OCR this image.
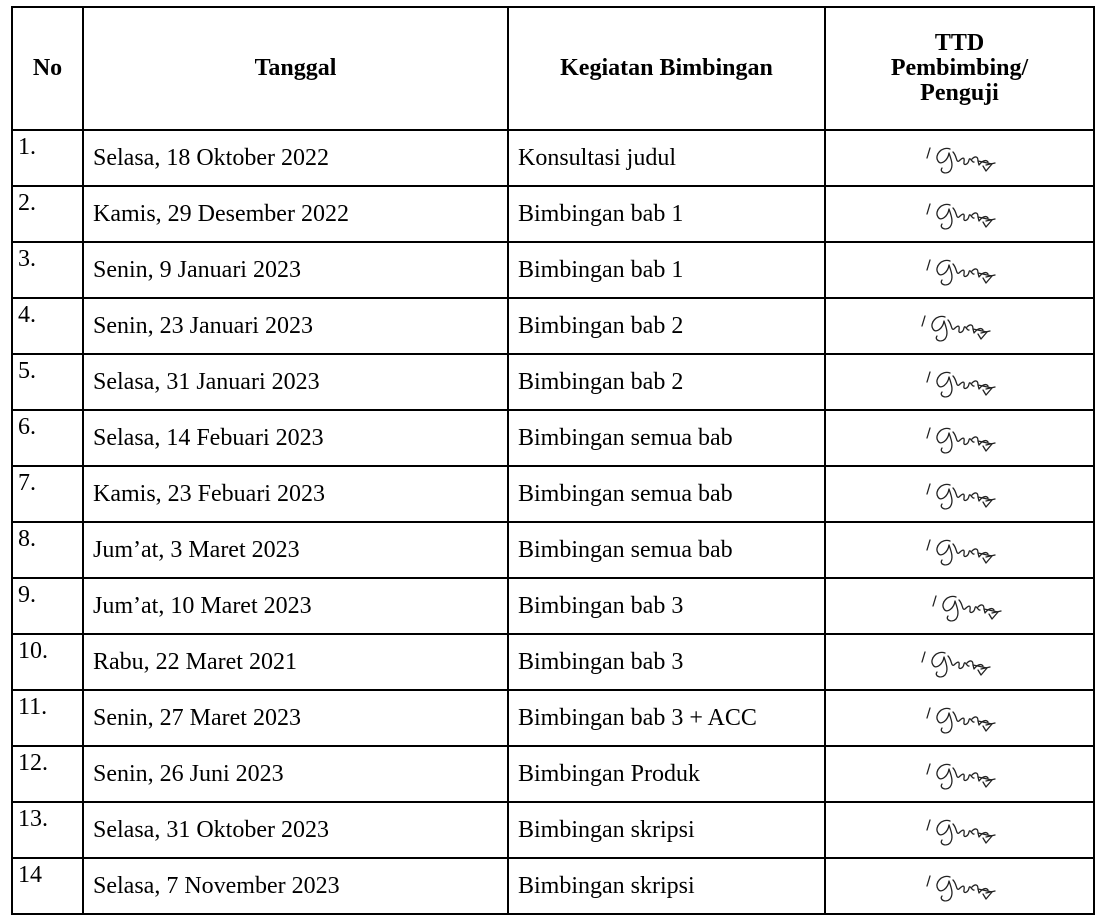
No	Tanggal	Kegiatan Bimbingan	TTD
Pembimbing/
Penguji

1.	Selasa, 18 Oktober 2022	Konsultasi judul	
2.	Kamis, 29 Desember 2022	Bimbingan bab 1	
3.	Senin, 9 Januari 2023	Bimbingan bab 1	
4.	Senin, 23 Januari 2023	Bimbingan bab 2	
5.	Selasa, 31 Januari 2023	Bimbingan bab 2	
6.	Selasa, 14 Febuari 2023	Bimbingan semua bab	
7.	Kamis, 23 Febuari 2023	Bimbingan semua bab	
8.	Jum’at, 3 Maret 2023	Bimbingan semua bab	
9.	Jum’at, 10 Maret 2023	Bimbingan bab 3	
10.	Rabu, 22 Maret 2021	Bimbingan bab 3	
11.	Senin, 27 Maret 2023	Bimbingan bab 3 + ACC	
12.	Senin, 26 Juni 2023	Bimbingan Produk	
13.	Selasa, 31 Oktober 2023	Bimbingan skripsi	
14	Selasa, 7 November 2023	Bimbingan skripsi	
